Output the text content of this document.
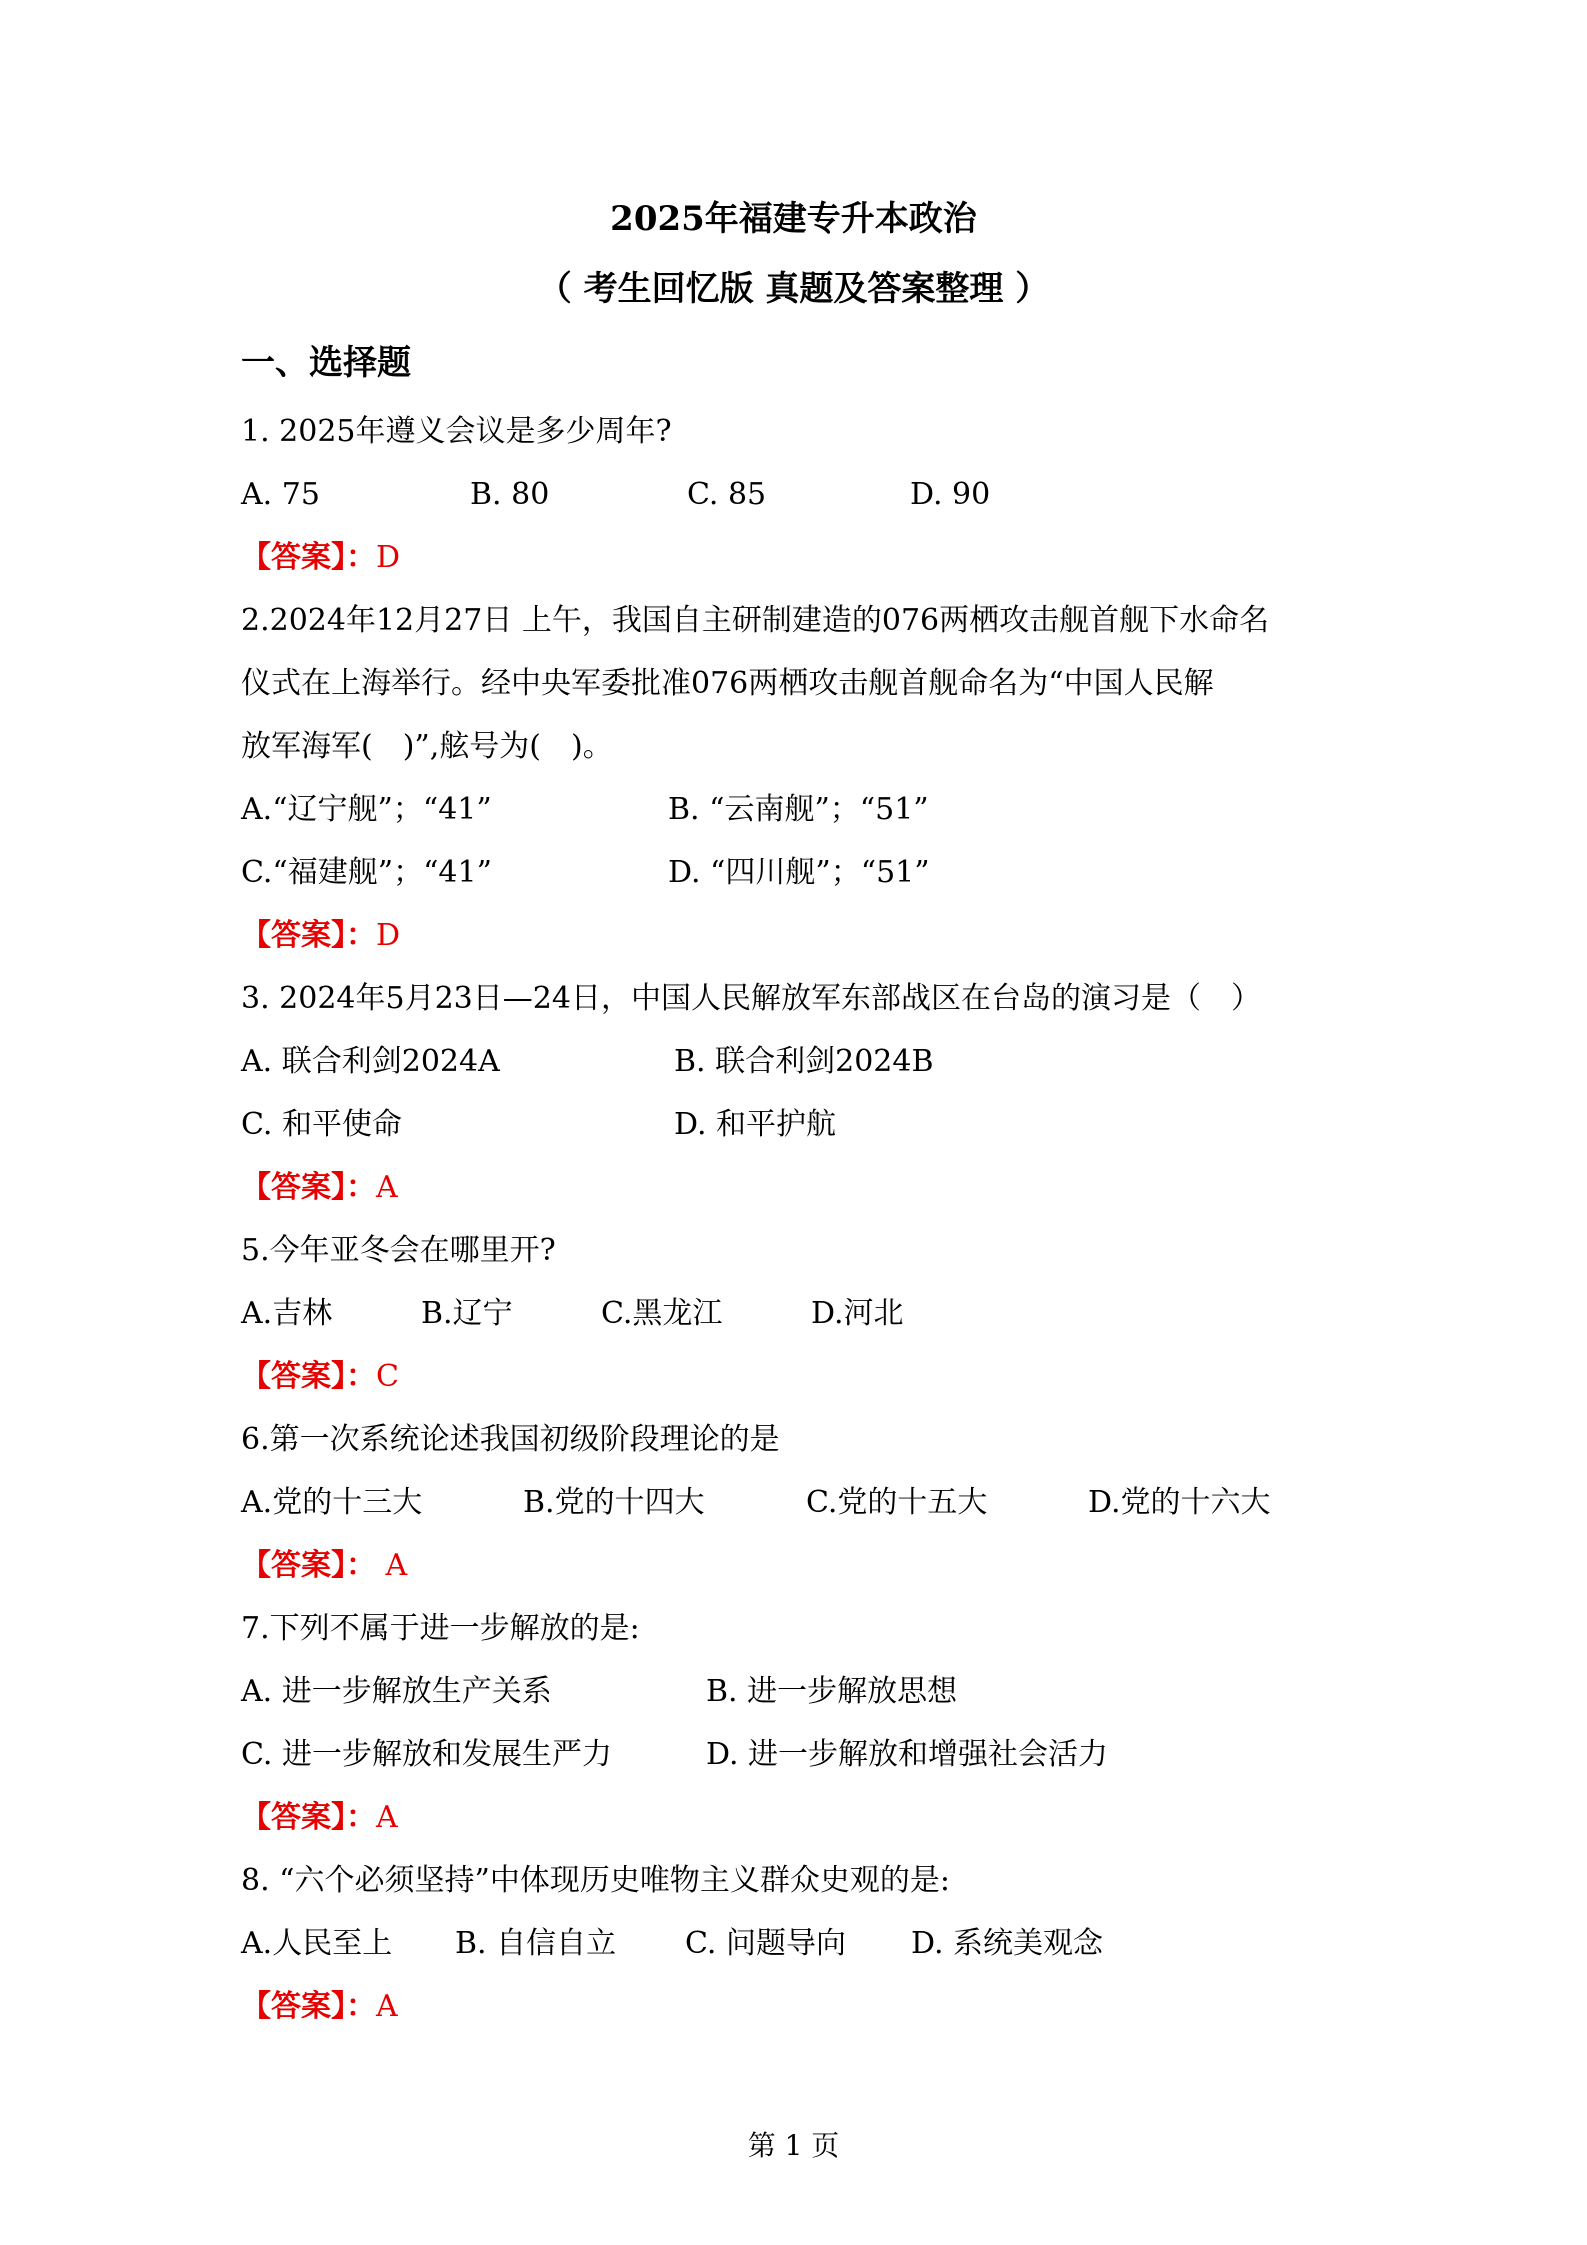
2025年福建专升本政治
（ 考生回忆版 真题及答案整理 ）
一、选择题
1. 2025年遵义会议是多少周年?
A. 75	B. 80	C. 85	D. 90
【答案】：D
2.2024年12月27日 上午，我国自主研制建造的076两栖攻击舰首舰下水命名
仪式在上海举行。经中央军委批准076两栖攻击舰首舰命名为“中国人民解
放军海军(　)”,舷号为(　)。
A.“辽宁舰”；“41”	B. “云南舰”；“51”
C.“福建舰”；“41”	D. “四川舰”；“51”
【答案】：D
3. 2024年5月23日—24日，中国人民解放军东部战区在台岛的演习是（　）
A. 联合利剑2024A	B. 联合利剑2024B
C. 和平使命	D. 和平护航
【答案】：A
5.今年亚冬会在哪里开?
A.吉林	B.辽宁	C.黑龙江	D.河北
【答案】：C
6.第一次系统论述我国初级阶段理论的是
A.党的十三大	B.党的十四大	C.党的十五大	D.党的十六大
【答案】： A
7.下列不属于进一步解放的是:
A. 进一步解放生产关系	B. 进一步解放思想
C. 进一步解放和发展生严力	D. 进一步解放和增强社会活力
【答案】：A
8. “六个必须坚持”中体现历史唯物主义群众史观的是:
A.人民至上 B. 自信自立 C. 问题导向 D. 系统美观念
【答案】：A
第 1 页
